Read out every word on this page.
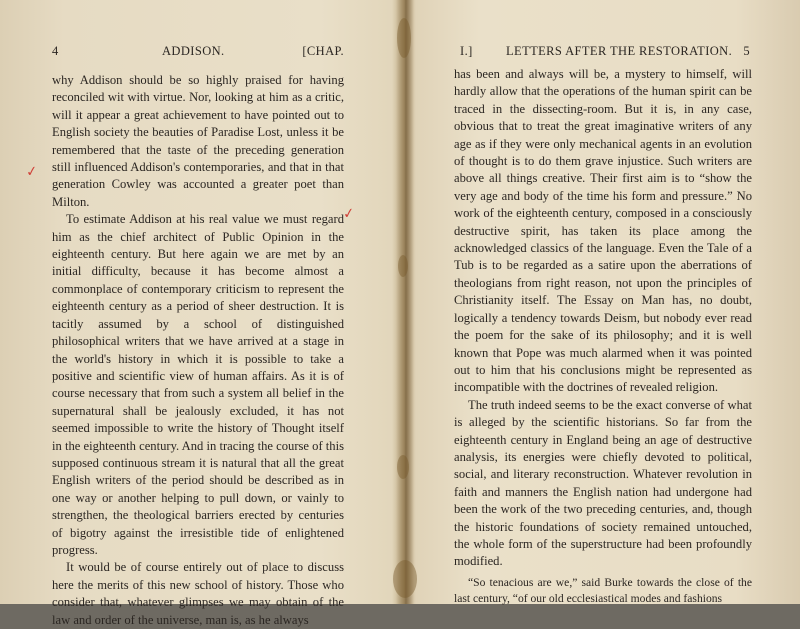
4	ADDISON.	[CHAP.

why Addison should be so highly praised for having reconciled wit with virtue. Nor, looking at him as a critic, will it appear a great achievement to have pointed out to English society the beauties of Paradise Lost, unless it be remembered that the taste of the preceding generation still influenced Addison's contemporaries, and that in that generation Cowley was accounted a greater poet than Milton.

To estimate Addison at his real value we must regard him as the chief architect of Public Opinion in the eighteenth century. But here again we are met by an initial difficulty, because it has become almost a commonplace of contemporary criticism to represent the eighteenth century as a period of sheer destruction. It is tacitly assumed by a school of distinguished philosophical writers that we have arrived at a stage in the world's history in which it is possible to take a positive and scientific view of human affairs. As it is of course necessary that from such a system all belief in the supernatural shall be jealously excluded, it has not seemed impossible to write the history of Thought itself in the eighteenth century. And in tracing the course of this supposed continuous stream it is natural that all the great English writers of the period should be described as in one way or another helping to pull down, or vainly to strengthen, the theological barriers erected by centuries of bigotry against the irresistible tide of enlightened progress.

It would be of course entirely out of place to discuss here the merits of this new school of history. Those who consider that, whatever glimpses we may obtain of the law and order of the universe, man is, as he always

✓
✓
I.]	LETTERS AFTER THE RESTORATION. 5

has been and always will be, a mystery to himself, will hardly allow that the operations of the human spirit can be traced in the dissecting-room. But it is, in any case, obvious that to treat the great imaginative writers of any age as if they were only mechanical agents in an evolution of thought is to do them grave injustice. Such writers are above all things creative. Their first aim is to “show the very age and body of the time his form and pressure.” No work of the eighteenth century, composed in a consciously destructive spirit, has taken its place among the acknowledged classics of the language. Even the Tale of a Tub is to be regarded as a satire upon the aberrations of theologians from right reason, not upon the principles of Christianity itself. The Essay on Man has, no doubt, logically a tendency towards Deism, but nobody ever read the poem for the sake of its philosophy; and it is well known that Pope was much alarmed when it was pointed out to him that his conclusions might be represented as incompatible with the doctrines of revealed religion.

The truth indeed seems to be the exact converse of what is alleged by the scientific historians. So far from the eighteenth century in England being an age of destructive analysis, its energies were chiefly devoted to political, social, and literary reconstruction. Whatever revolution in faith and manners the English nation had undergone had been the work of the two preceding centuries, and, though the historic foundations of society remained untouched, the whole form of the superstructure had been profoundly modified.

“So tenacious are we,” said Burke towards the close of the last century, “of our old ecclesiastical modes and fashions
